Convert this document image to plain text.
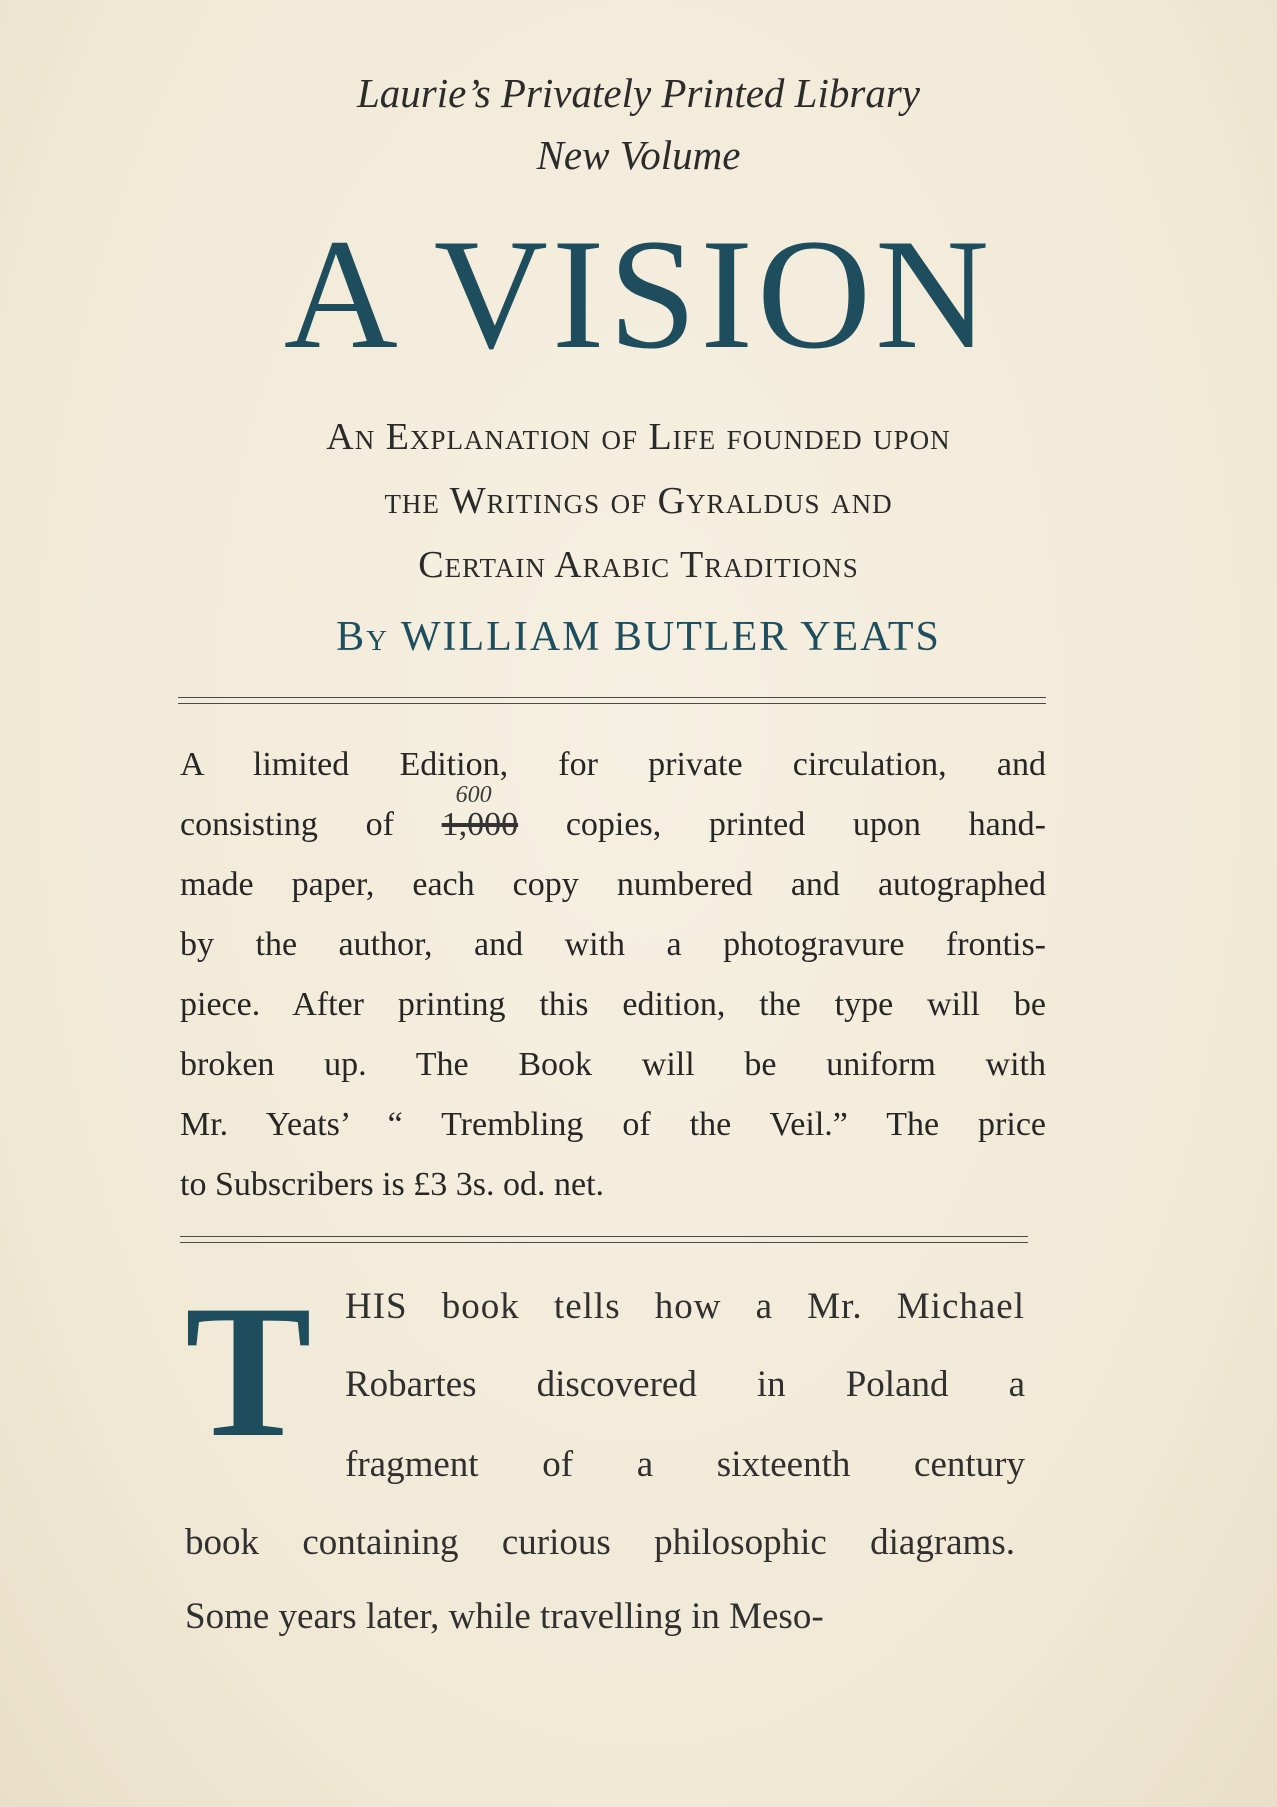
Laurie’s Privately Printed Library
New Volume
A VISION
An Explanation of Life founded upon
the Writings of Gyraldus and
Certain Arabic Traditions
By WILLIAM BUTLER YEATS
A limited Edition, for private circulation, and
consisting of 1,000
600
copies, printed upon hand-
made paper, each copy numbered and autographed
by the author, and with a photogravure frontis-
piece. After printing this edition, the type will be
broken up. The Book will be uniform with
Mr. Yeats’ “ Trembling of the Veil.” The price
to Subscribers is £3 3s. od. net.
T HIS book tells how a Mr. Michael
Robartes discovered in Poland a
fragment of a sixteenth century
book containing curious philosophic diagrams.
Some years later, while travelling in Meso-
